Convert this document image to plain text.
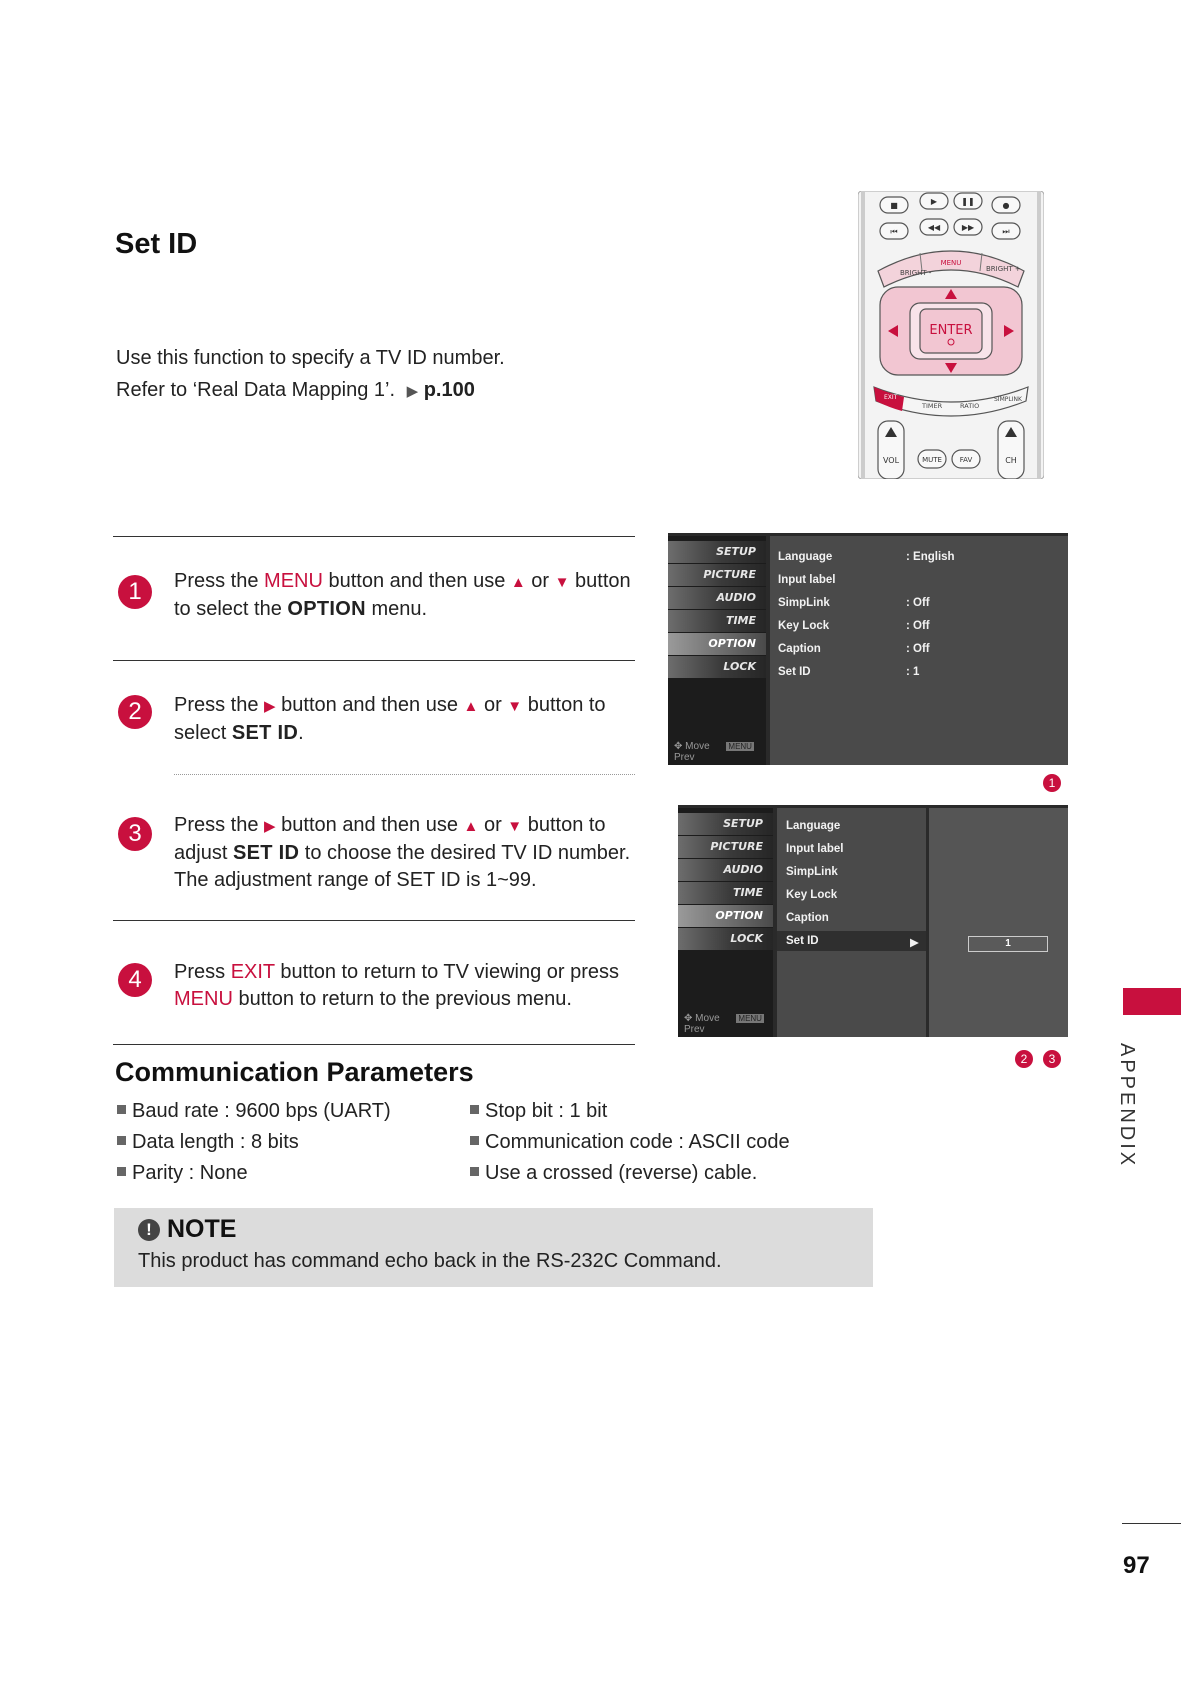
Set ID
Use this function to specify a TV ID number.
Refer to ‘Real Data Mapping 1’. ▶ p.100
■	▶	❚❚	●
⏮	◀◀	▶▶	⏭
BRIGHT -
MENU
BRIGHT +
ENTER
EXIT
TIMER	RATIO
SIMPLINK
VOL	CH
MUTE	FAV
1	Press the MENU button and then use ▲ or ▼ button
to select the OPTION menu.
2	Press the ▶ button and then use ▲ or ▼ button to
select SET ID.
3	Press the ▶ button and then use ▲ or ▼ button to
adjust SET ID to choose the desired TV ID number.
The adjustment range of SET ID is 1~99.
4	Press EXIT button to return to TV viewing or press
MENU button to return to the previous menu.
SETUP
PICTURE
AUDIO
TIME
OPTION
LOCK
✥ Move MENU Prev
Language	: English
Input label
SimpLink	: Off
Key Lock	: Off
Caption	: Off
Set ID	: 1
1
SETUP
PICTURE
AUDIO
TIME
OPTION
LOCK
✥ Move MENU Prev
Language
Input label
SimpLink
Key Lock
Caption
Set ID	▶	1
2	3
Communication Parameters
Baud rate : 9600 bps (UART)
Data length : 8 bits
Parity : None
Stop bit : 1 bit
Communication code : ASCII code
Use a crossed (reverse) cable.
! NOTE
This product has command echo back in the RS-232C Command.
APPENDIX
97
